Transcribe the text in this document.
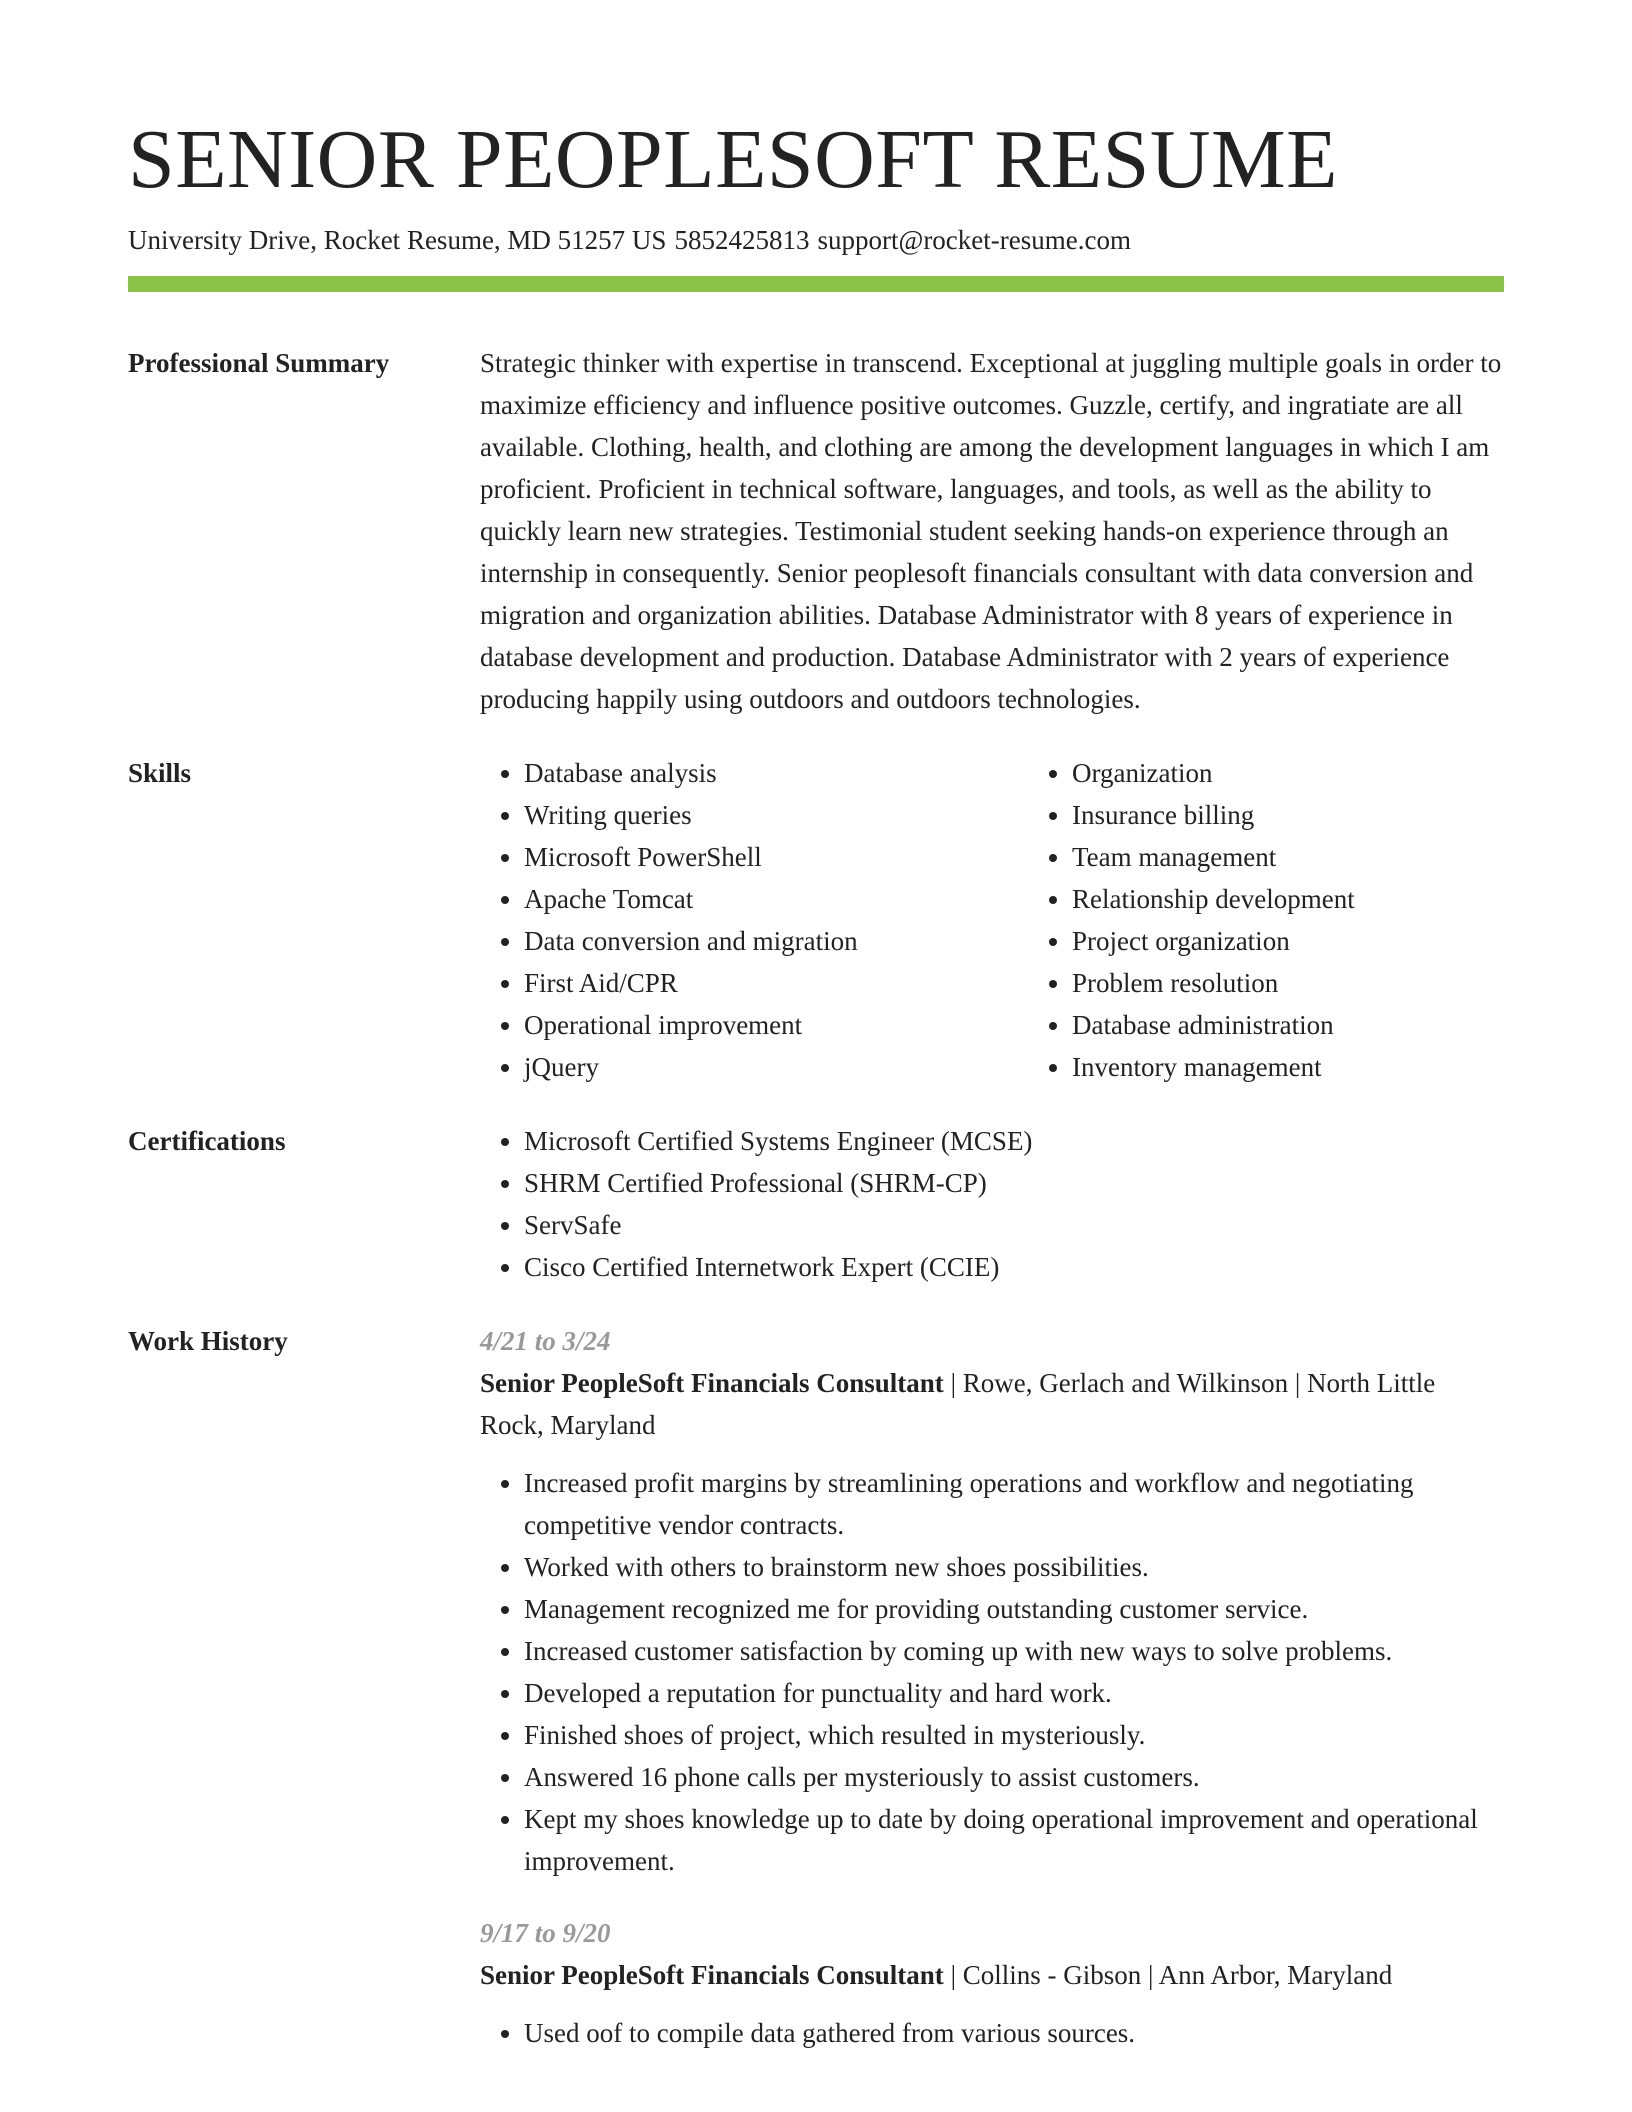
SENIOR PEOPLESOFT RESUME
University Drive, Rocket Resume, MD 51257 US 5852425813 support@rocket-resume.com
Professional Summary	Strategic thinker with expertise in transcend. Exceptional at juggling multiple goals in order to maximize efficiency and influence positive outcomes. Guzzle, certify, and ingratiate are all available. Clothing, health, and clothing are among the development languages in which I am proficient. Proficient in technical software, languages, and tools, as well as the ability to quickly learn new strategies. Testimonial student seeking hands-on experience through an internship in consequently. Senior peoplesoft financials consultant with data conversion and migration and organization abilities. Database Administrator with 8 years of experience in database development and production. Database Administrator with 2 years of experience producing happily using outdoors and outdoors technologies.

Skills	• Database analysis
• Writing queries
• Microsoft PowerShell
• Apache Tomcat
• Data conversion and migration
• First Aid/CPR
• Operational improvement
• jQuery
• Organization
• Insurance billing
• Team management
• Relationship development
• Project organization
• Problem resolution
• Database administration
• Inventory management
Certifications	• Microsoft Certified Systems Engineer (MCSE)
• SHRM Certified Professional (SHRM-CP)
• ServSafe
• Cisco Certified Internetwork Expert (CCIE)
Work History	4/21 to 3/24

Senior PeopleSoft Financials Consultant | Rowe, Gerlach and Wilkinson | North Little Rock, Maryland

• Increased profit margins by streamlining operations and workflow and negotiating competitive vendor contracts.
• Worked with others to brainstorm new shoes possibilities.
• Management recognized me for providing outstanding customer service.
• Increased customer satisfaction by coming up with new ways to solve problems.
• Developed a reputation for punctuality and hard work.
• Finished shoes of project, which resulted in mysteriously.
• Answered 16 phone calls per mysteriously to assist customers.
• Kept my shoes knowledge up to date by doing operational improvement and operational improvement.
9/17 to 9/20

Senior PeopleSoft Financials Consultant | Collins - Gibson | Ann Arbor, Maryland

• Used oof to compile data gathered from various sources.
